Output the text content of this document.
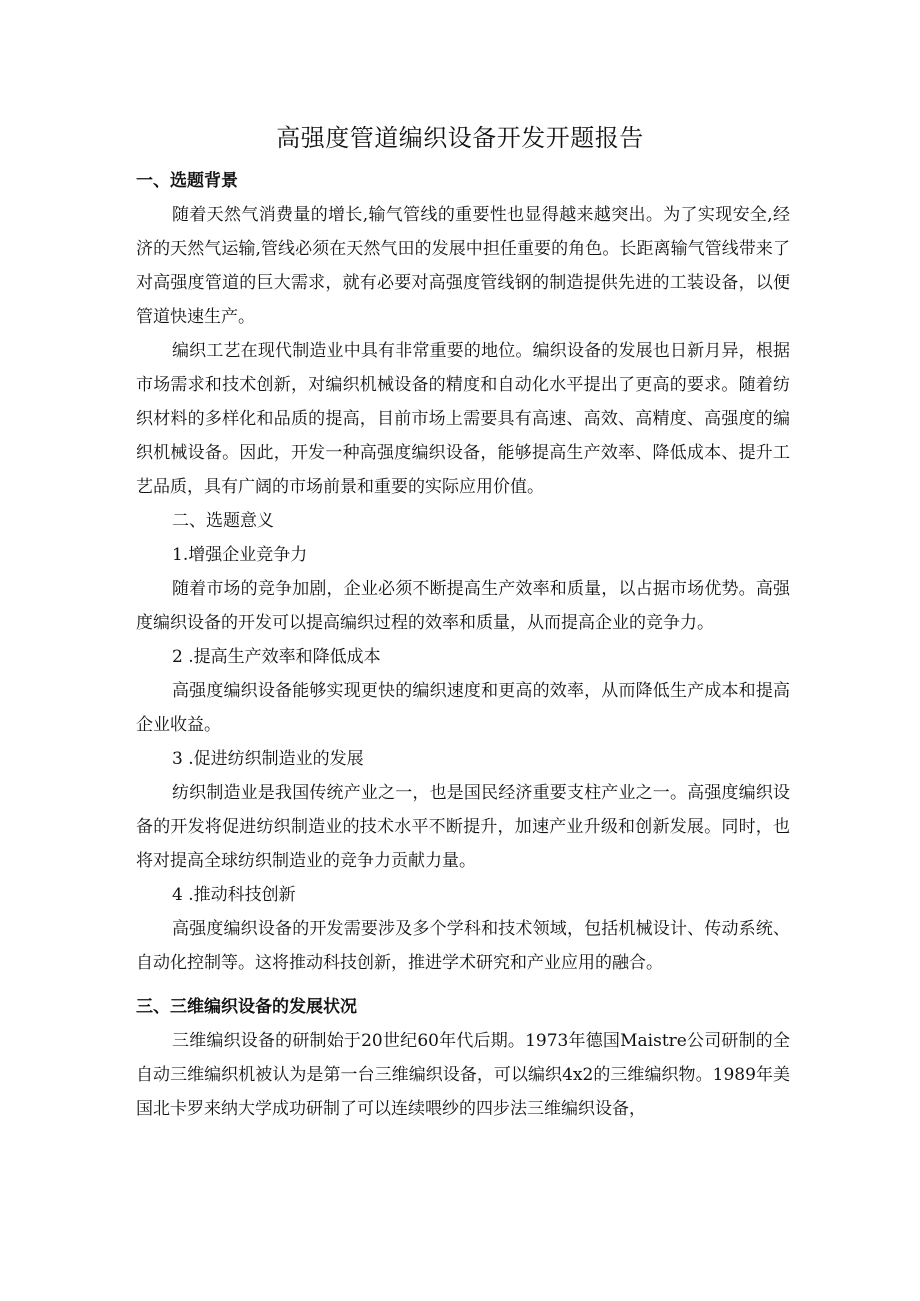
高强度管道编织设备开发开题报告
一、选题背景

随着天然气消费量的增长,输气管线的重要性也显得越来越突出。为了实现安全,经济的天然气运输,管线必须在天然气田的发展中担任重要的角色。长距离输气管线带来了对高强度管道的巨大需求，就有必要对高强度管线钢的制造提供先进的工装设备，以便管道快速生产。

编织工艺在现代制造业中具有非常重要的地位。编织设备的发展也日新月异，根据市场需求和技术创新，对编织机械设备的精度和自动化水平提出了更高的要求。随着纺织材料的多样化和品质的提高，目前市场上需要具有高速、高效、高精度、高强度的编织机械设备。因此，开发一种高强度编织设备，能够提高生产效率、降低成本、提升工艺品质，具有广阔的市场前景和重要的实际应用价值。

二、选题意义
1.增强企业竞争力

随着市场的竞争加剧，企业必须不断提高生产效率和质量，以占据市场优势。高强度编织设备的开发可以提高编织过程的效率和质量，从而提高企业的竞争力。

2 .提高生产效率和降低成本

高强度编织设备能够实现更快的编织速度和更高的效率，从而降低生产成本和提高企业收益。

3 .促进纺织制造业的发展

纺织制造业是我国传统产业之一，也是国民经济重要支柱产业之一。高强度编织设备的开发将促进纺织制造业的技术水平不断提升，加速产业升级和创新发展。同时，也将对提高全球纺织制造业的竞争力贡献力量。

4 .推动科技创新

高强度编织设备的开发需要涉及多个学科和技术领域，包括机械设计、传动系统、自动化控制等。这将推动科技创新，推进学术研究和产业应用的融合。

三、三维编织设备的发展状况

三维编织设备的研制始于20世纪60年代后期。1973年德国Maistre公司研制的全自动三维编织机被认为是第一台三维编织设备，可以编织4x2的三维编织物。1989年美国北卡罗来纳大学成功研制了可以连续喂纱的四步法三维编织设备，
